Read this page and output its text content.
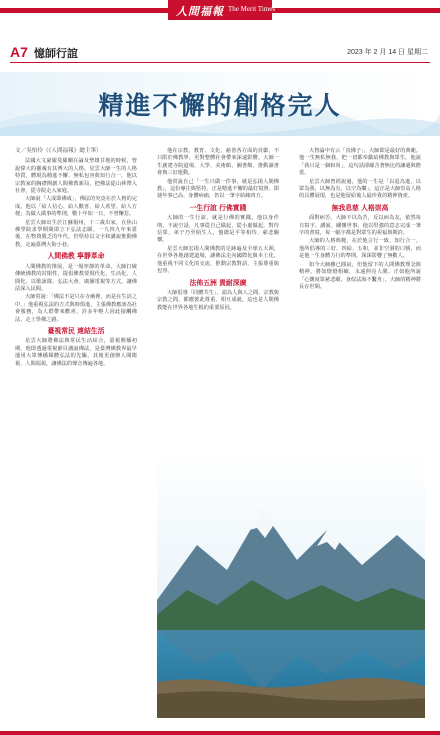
人間福報 The Merit Times
A7 憶師行誼	2023 年 2 月 14 日 星期二
精進不懈的創格完人

文／吳怡伶（《人間福報》總主筆）

法國大文豪羅曼羅蘭在論及聖雄甘地的時候，曾說偉大的靈魂有其博大的人格。星雲大師一生的人格特質，體現為精進不懈、無私包容與知行合一，他以宗教家的胸襟開創人間佛教新局，把佛法從山林帶入社會，從寺院走入家庭。

大師說「人成即佛成」，佛法的究竟在於人格的完成。他以「給人信心、給人歡喜、給人希望、給人方便」為做人做事的準則，數十年如一日，不曾懈怠。

星雲大師出生於江蘇揚州，十二歲出家，在焦山佛學院求學期間即立下弘法志願。一九四九年來臺後，在物資匱乏的年代，仍堅持以文字和講說推動佛教，走遍臺灣大街小巷。

人間佛教 寧靜革命

人間佛教的推展，是一場寧靜的革命。大師打破傳統佛教的封閉性，提倡佛教要現代化、生活化、人間化，以歌詠隊、弘法大會、廣播電視等方式，讓佛法深入民間。

大師常說：「佛法不是只在寺廟裡，而是在生活之中。」他重視弘法的方式與時俱進，主張佛教應該為社會服務，為人群帶來歡喜。許多年輕人因此接觸佛法，走上學佛之路。

臺視常民 連結生活

星雲大師將佛法與常民生活結合，臺視開播初期，他即透過電視節目講說佛法，是臺灣佛教界最早運用大眾傳播媒體弘法的先驅。其後更創辦人間衛視、人間福報，讓佛法的聲音傳遍各地。

他在宗教、教育、文化、慈善各方面的貢獻，不只限於佛教界，更對整體社會帶來深遠影響。大師一生創建寺院道場、大學、美術館、圖書館，推動讀書會與三好運動。

他常說自己「一生只做一件事，就是弘揚人間佛教」，這份專注與堅持，正是精進不懈的最好寫照。即使年事已高、身體病痛，仍以一筆字結緣四方。

一生行誼 行佛實踐

大師的一生行誼，就是行佛的實踐。他以身作則，不說空話，凡事從自己做起，從小處做起。對待信眾、弟子乃至陌生人，他總是平等相待、慈悲關懷。

星雲大師宏揚人間佛教的足跡遍及全球五大洲，在世界各地創建道場，讓佛法走向國際化與本土化。他重視不同文化的交流，推動宗教對話，主張尊重與包容。

法佈五洲 貴耐深廣

大師倡導「同體共生」，認為人與人之間、宗教與宗教之間，都應彼此尊重、相互成就，這也是人間佛教能在世界各地生根的重要原因。

大智論中有云「真佛子」，大師即是最好的典範。他一生無私無我，把一切都奉獻給佛教與眾生。他說「我只是一個和尚」，這句話卻蘊含著無比的謙遜與擔當。

星雲大師曾經說過，他的一生是「以退為進，以眾為我，以無為有，以空為樂」。這正是大師崇高人格的具體展現，也是他留給後人最珍貴的精神資產。

無我息慈 人格崇高

面對病苦，大師不以為苦，反以病為友，依然每日寫字、講說、關懷世事。他以堅強的意志完成一筆字的書寫，每一幅字都是對眾生的祝福與期許。

大師的人格典範，在於他言行一致、知行合一。他所倡導的三好、四給、五和，並非空洞的口號，而是他一生身體力行的準則，深深影響了無數人。

如今大師雖已圓寂，但他留下的人間佛教理念與精神，將如燈燈相續，永遠照亮人間。正如他所說「心懷度眾慈悲願，身似法海不繫舟」，大師的精神將長存世間。
